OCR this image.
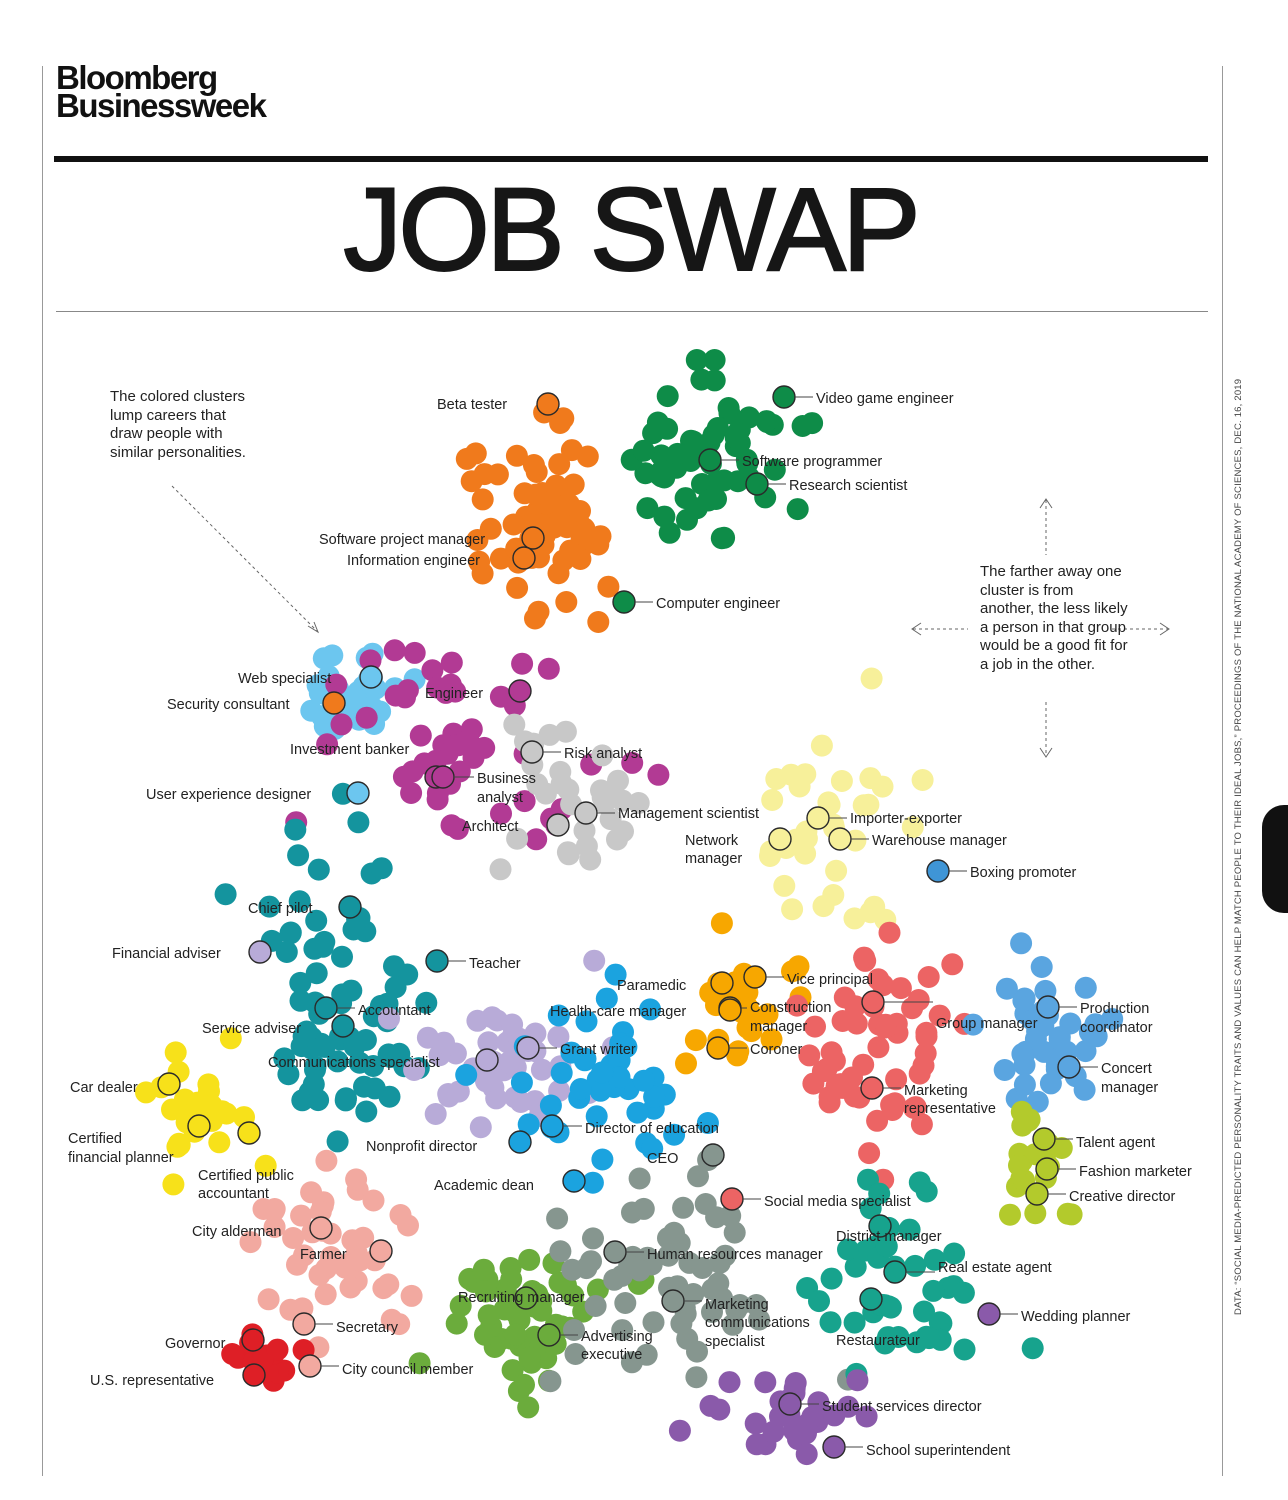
Bloomberg
Businessweek
JOB SWAP
Beta tester	Video game engineer
Software programmer
Research scientist
Software project manager
Information engineer
Computer engineer
Web specialist
Security consultant
Engineer
Investment banker
Business
analyst
Risk analyst
User experience designer
Management scientist
Architect	Importer-exporter
Network
manager
Warehouse manager
Boxing promoter
Chief pilot
Financial adviser
Teacher
Vice principal
Paramedic
Accountant	Construction
manager
Production
coordinator
Health-care manager
Group manager
Service adviser
Grant writer	Coroner
Communications specialist	Concert
manager
Car dealer	Marketing
representative
Certified
financial planner
Director of education
Talent agent
Certified public
accountant
Nonprofit director
CEO
Fashion marketer
Academic dean
Creative director
Social media specialist
City alderman	District manager
Farmer	Human resources manager
Real estate agent
Recruiting manager	Marketing
communications
specialist
Wedding planner
Secretary
Advertising
executive
Restaurateur
Governor
City council member
U.S. representative
Student services director
School superintendent
The colored clusters lump careers that draw people with similar personalities.
The farther away one cluster is from another, the less likely a person in that group would be a good fit for a job in the other.	DATA: “SOCIAL MEDIA-PREDICTED PERSONALITY TRAITS AND VALUES CAN HELP MATCH PEOPLE TO THEIR IDEAL JOBS,” PROCEEDINGS OF THE NATIONAL ACADEMY OF SCIENCES, DEC. 16, 2019
